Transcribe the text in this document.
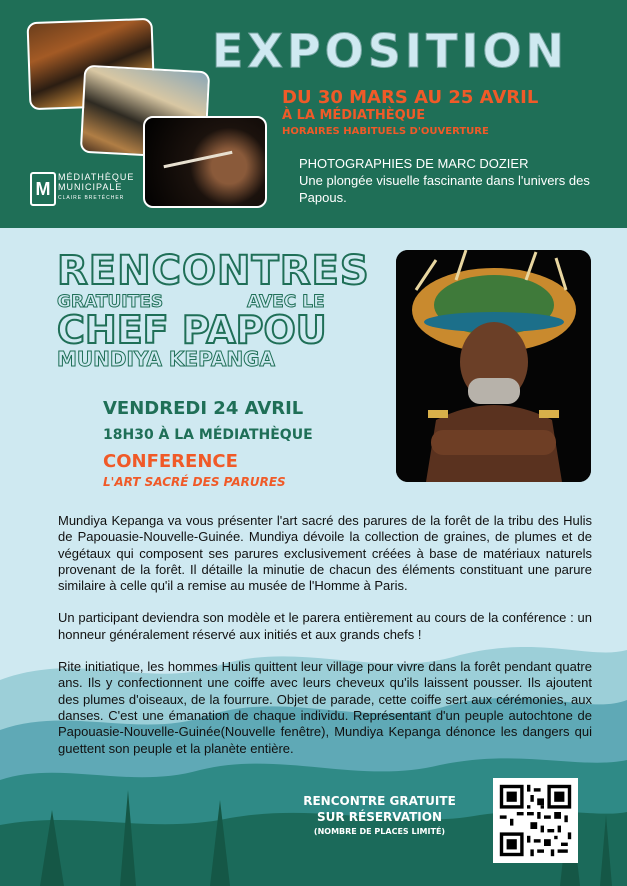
M
MÉDIATHÈQUE
MUNICIPALE
CLAIRE BRETÉCHER
EXPOSITION
DU 30 MARS AU 25 AVRIL
À LA MÉDIATHÈQUE
HORAIRES HABITUELS D'OUVERTURE
PHOTOGRAPHIES DE MARC DOZIER
Une plongée visuelle fascinante dans l'univers des Papous.
RENCONTRES
GRATUITES	AVEC LE
CHEF PAPOU
MUNDIYA KEPANGA
VENDREDI 24 AVRIL
18H30 À LA MÉDIATHÈQUE
CONFERENCE
L'ART SACRÉ DES PARURES

Mundiya Kepanga va vous présenter l'art sacré des parures de la forêt de la tribu des Hulis de Papouasie-Nouvelle-Guinée. Mundiya dévoile la collection de graines, de plumes et de végétaux qui composent ses parures exclusivement créées à base de matériaux naturels provenant de la forêt. Il détaille la minutie de chacun des éléments constituant une parure similaire à celle qu'il a remise au musée de l'Homme à Paris.

Un participant deviendra son modèle et le parera entièrement au cours de la conférence : un honneur généralement réservé aux initiés et aux grands chefs !

Rite initiatique, les hommes Hulis quittent leur village pour vivre dans la forêt pendant quatre ans. Ils y confectionnent une coiffe avec leurs cheveux qu'ils laissent pousser. Ils ajoutent des plumes d'oiseaux, de la fourrure. Objet de parade, cette coiffe sert aux cérémonies, aux danses. C'est une émanation de chaque individu. Représentant d'un peuple autochtone de Papouasie-Nouvelle-Guinée(Nouvelle fenêtre), Mundiya Kepanga dénonce les dangers qui guettent son peuple et la planète entière.

RENCONTRE GRATUITE
SUR RÉSERVATION
(NOMBRE DE PLACES LIMITÉ)
